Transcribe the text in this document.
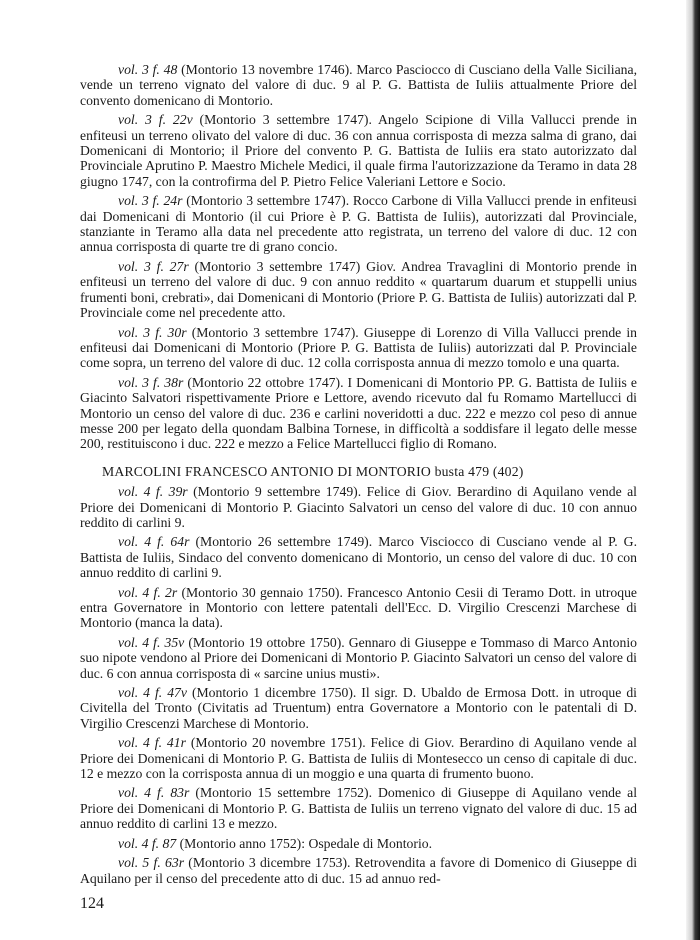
vol. 3 f. 48 (Montorio 13 novembre 1746). Marco Pasciocco di Cusciano della Valle Siciliana, vende un terreno vignato del valore di duc. 9 al P. G. Battista de Iuliis attualmente Priore del convento domenicano di Montorio.

vol. 3 f. 22v (Montorio 3 settembre 1747). Angelo Scipione di Villa Vallucci prende in enfiteusi un terreno olivato del valore di duc. 36 con annua corrisposta di mezza salma di grano, dai Domenicani di Montorio; il Priore del convento P. G. Battista de Iuliis era stato autorizzato dal Provinciale Aprutino P. Maestro Michele Medici, il quale firma l'autorizzazione da Teramo in data 28 giugno 1747, con la controfirma del P. Pietro Felice Valeriani Lettore e Socio.

vol. 3 f. 24r (Montorio 3 settembre 1747). Rocco Carbone di Villa Vallucci prende in enfiteusi dai Domenicani di Montorio (il cui Priore è P. G. Battista de Iuliis), autorizzati dal Provinciale, stanziante in Teramo alla data nel precedente atto registrata, un terreno del valore di duc. 12 con annua corrisposta di quarte tre di grano concio.

vol. 3 f. 27r (Montorio 3 settembre 1747) Giov. Andrea Travaglini di Montorio prende in enfiteusi un terreno del valore di duc. 9 con annuo reddito « quartarum duarum et stuppelli unius frumenti boni, crebrati», dai Domenicani di Montorio (Priore P. G. Battista de Iuliis) autorizzati dal P. Provinciale come nel precedente atto.

vol. 3 f. 30r (Montorio 3 settembre 1747). Giuseppe di Lorenzo di Villa Vallucci prende in enfiteusi dai Domenicani di Montorio (Priore P. G. Battista de Iuliis) autorizzati dal P. Provinciale come sopra, un terreno del valore di duc. 12 colla corrisposta annua di mezzo tomolo e una quarta.

vol. 3 f. 38r (Montorio 22 ottobre 1747). I Domenicani di Montorio PP. G. Battista de Iuliis e Giacinto Salvatori rispettivamente Priore e Lettore, avendo ricevuto dal fu Romamo Martellucci di Montorio un censo del valore di duc. 236 e carlini noveridotti a duc. 222 e mezzo col peso di annue messe 200 per legato della quondam Balbina Tornese, in difficoltà a soddisfare il legato delle messe 200, restituiscono i duc. 222 e mezzo a Felice Martellucci figlio di Romano.

MARCOLINI FRANCESCO ANTONIO DI MONTORIO busta 479 (402)

vol. 4 f. 39r (Montorio 9 settembre 1749). Felice di Giov. Berardino di Aquilano vende al Priore dei Domenicani di Montorio P. Giacinto Salvatori un censo del valore di duc. 10 con annuo reddito di carlini 9.

vol. 4 f. 64r (Montorio 26 settembre 1749). Marco Visciocco di Cusciano vende al P. G. Battista de Iuliis, Sindaco del convento domenicano di Montorio, un censo del valore di duc. 10 con annuo reddito di carlini 9.

vol. 4 f. 2r (Montorio 30 gennaio 1750). Francesco Antonio Cesii di Teramo Dott. in utroque entra Governatore in Montorio con lettere patentali dell'Ecc. D. Virgilio Crescenzi Marchese di Montorio (manca la data).

vol. 4 f. 35v (Montorio 19 ottobre 1750). Gennaro di Giuseppe e Tommaso di Marco Antonio suo nipote vendono al Priore dei Domenicani di Montorio P. Giacinto Salvatori un censo del valore di duc. 6 con annua corrisposta di « sarcine unius musti».

vol. 4 f. 47v (Montorio 1 dicembre 1750). Il sigr. D. Ubaldo de Ermosa Dott. in utroque di Civitella del Tronto (Civitatis ad Truentum) entra Governatore a Montorio con le patentali di D. Virgilio Crescenzi Marchese di Montorio.

vol. 4 f. 41r (Montorio 20 novembre 1751). Felice di Giov. Berardino di Aquilano vende al Priore dei Domenicani di Montorio P. G. Battista de Iuliis di Montesecco un censo di capitale di duc. 12 e mezzo con la corrisposta annua di un moggio e una quarta di frumento buono.

vol. 4 f. 83r (Montorio 15 settembre 1752). Domenico di Giuseppe di Aquilano vende al Priore dei Domenicani di Montorio P. G. Battista de Iuliis un terreno vignato del valore di duc. 15 ad annuo reddito di carlini 13 e mezzo.

vol. 4 f. 87 (Montorio anno 1752): Ospedale di Montorio.

vol. 5 f. 63r (Montorio 3 dicembre 1753). Retrovendita a favore di Domenico di Giuseppe di Aquilano per il censo del precedente atto di duc. 15 ad annuo red-

124
